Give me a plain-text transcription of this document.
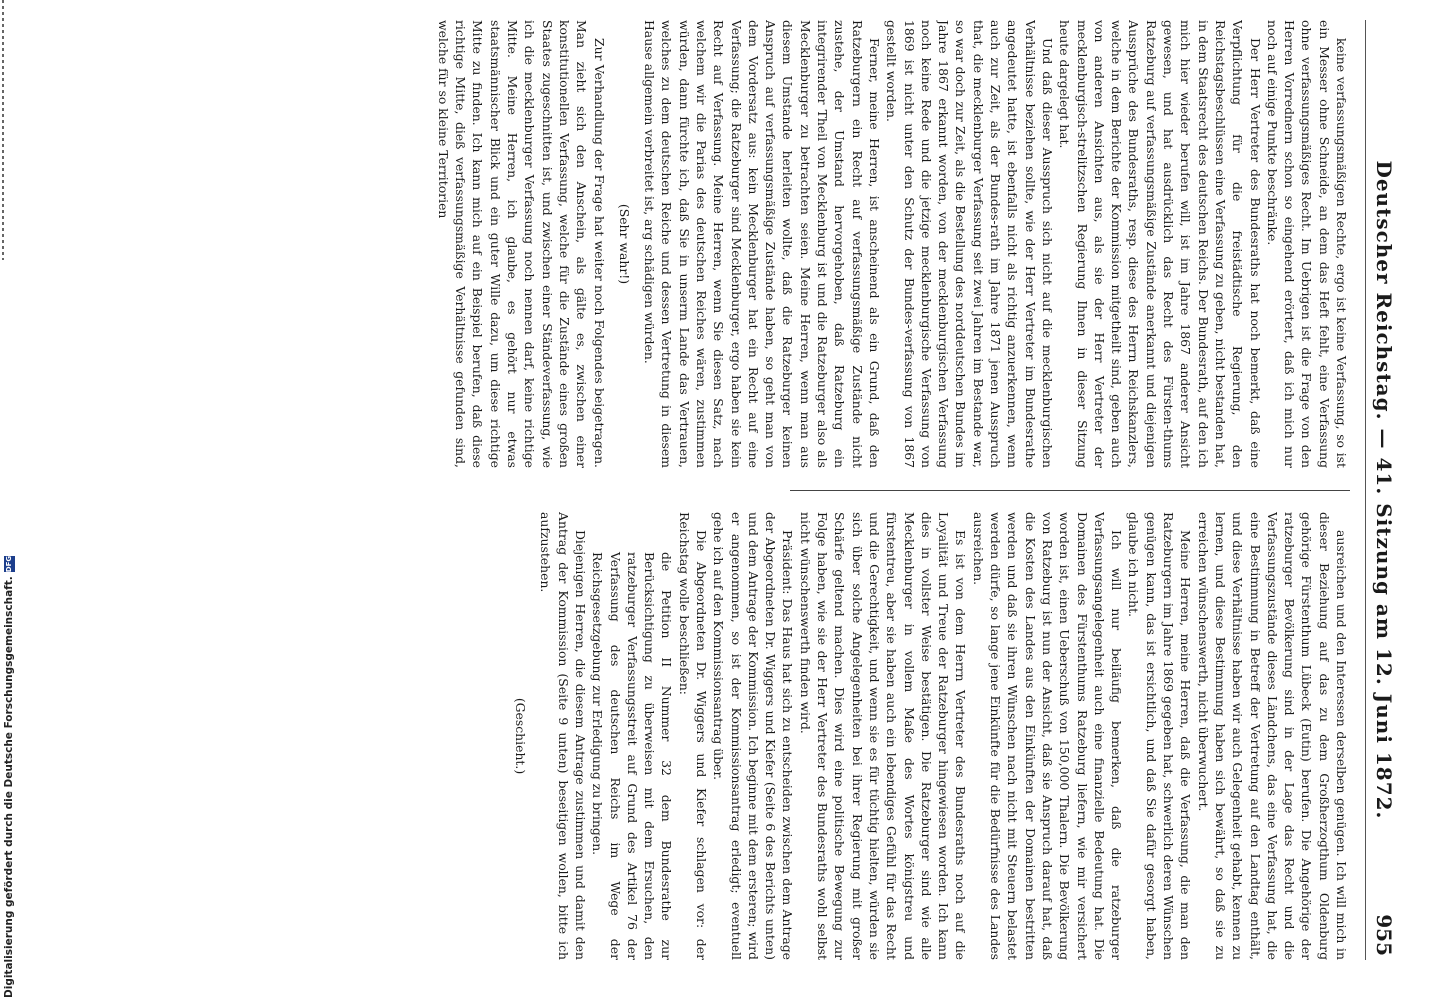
Deutscher Reichstag. — 41. Sitzung am 12. Juni 1872.
955

keine verfassungsmäßigen Rechte, ergo ist keine Verfassung, so ist ein Messer ohne Schneide, an dem das Heft fehlt, eine Verfassung ohne verfassungsmäßiges Recht. Im Uebrigen ist die Frage von den Herren Vorrednern schon so eingehend erörtert, daß ich mich nur noch auf einige Punkte beschränke.

Der Herr Vertreter des Bundesraths hat noch bemerkt, daß eine Verpflichtung für die freistädtische Regierung, den Reichstagsbeschlüssen eine Verfassung zu geben, nicht bestanden hat, in dem Staatsrecht des deutschen Reichs. Der Bundesrath, auf den ich mich hier wieder berufen will, ist im Jahre 1867 anderer Ansicht gewesen, und hat ausdrücklich das Recht des Fürsten-thums Ratzeburg auf verfassungsmäßige Zustände anerkannt und diejenigen Aussprüche des Bundesraths, resp. diese des Herrn Reichskanzlers, welche in dem Berichte der Kommission mitgetheilt sind, geben auch von anderen Ansichten aus, als sie der Herr Vertreter der mecklenburgisch-strelitzschen Regierung Ihnen in dieser Sitzung heute dargelegt hat.

Und daß dieser Ausspruch sich nicht auf die mecklenburgischen Verhältnisse beziehen sollte, wie der Herr Vertreter im Bundesrathe angedeutet hatte, ist ebenfalls nicht als richtig anzuerkennen, wenn auch zur Zeit, als der Bundes-rath im Jahre 1871 jenen Ausspruch that, die mecklenburger Verfassung seit zwei Jahren im Bestande war, so war doch zur Zeit, als die Bestellung des norddeutschen Bundes im Jahre 1867 erkannt worden, von der mecklenburgischen Verfassung noch keine Rede und die jetzige mecklenburgische Verfassung von 1869 ist nicht unter den Schutz der Bundes-verfassung von 1867 gestellt worden.

Ferner, meine Herren, ist anscheinend als ein Grund, daß den Ratzeburgern ein Recht auf verfassungsmäßige Zustände nicht zustehe, der Umstand hervorgehoben, daß Ratzeburg ein integrirender Theil von Mecklenburg ist und die Ratzeburger also als Mecklenburger zu betrachten seien. Meine Herren, wenn man aus diesem Umstande herleiten wollte, daß die Ratzeburger keinen Anspruch auf verfassungsmäßige Zustände haben, so geht man von dem Vordersatz aus: kein Mecklenburger hat ein Recht auf eine Verfassung; die Ratzeburger sind Mecklenburger, ergo haben sie kein Recht auf Verfassung. Meine Herren, wenn Sie diesen Satz, nach welchem wir die Parias des deutschen Reiches wären, zustimmen würden, dann fürchte ich, daß Sie in unserm Lande das Vertrauen, welches zu dem deutschen Reiche und dessen Vertretung in diesem Hause allgemein verbreitet ist, arg schädigen würden.

(Sehr wahr!)

Zur Verhandlung der Frage hat weiter noch Folgendes beigetragen. Man zieht sich den Anschein, als gälte es, zwischen einer konstitutionellen Verfassung, welche für die Zustände eines großen Staates zugeschnitten ist, und zwischen einer Ständeverfassung, wie ich die mecklenburger Verfassung noch nennen darf, keine richtige Mitte. Meine Herren, ich glaube, es gehört nur etwas staatsmännischer Blick und ein guter Wille dazu, um diese richtige Mitte zu finden. Ich kann mich auf ein Beispiel berufen, daß diese richtige Mitte, dieß verfassungsmäßige Verhältnisse gefunden sind, welche für so kleine Territorien

ausreichen und den Interessen derselben genügen. Ich will mich in dieser Beziehung auf das zu dem Großherzogthum Oldenburg gehörige Fürstenthum Lübeck (Eutin) berufen. Die Angehörige der ratzeburger Bevölkerung sind in der Lage das Recht und die Verfassungszustände dieses Ländchens, das eine Verfassung hat, die eine Bestimmung in Betreff der Vertretung auf den Landtag enthält, und diese Verhältnisse haben wir auch Gelegenheit gehabt, kennen zu lernen, und diese Bestimmung haben sich bewährt, so daß sie zu erreichen wünschenswerth, nicht überwuchert.

Meine Herren, meine Herren, daß die Verfassung, die man den Ratzeburgern im Jahre 1869 gegeben hat, schwerlich deren Wünschen genügen kann, das ist ersichtlich, und daß Sie dafür gesorgt haben, glaube ich nicht.

Ich will nur beiläufig bemerken, daß die ratzeburger Verfassungsangelegenheit auch eine finanzielle Bedeutung hat. Die Domainen des Fürstenthums Ratzeburg liefern, wie mir versichert worden ist, einen Ueberschuß von 150,000 Thalern. Die Bevölkerung von Ratzeburg ist nun der Ansicht, daß sie Anspruch darauf hat, daß die Kosten des Landes aus den Einkünften der Domainen bestritten werden und daß sie ihren Wünschen nach nicht mit Steuern belastet werden dürfe, so lange jene Einkünfte für die Bedürfnisse des Landes ausreichen.

Es ist von dem Herrn Vertreter des Bundesraths noch auf die Loyalität und Treue der Ratzeburger hingewiesen worden. Ich kann dies in vollster Weise bestätigen. Die Ratzeburger sind wie alle Mecklenburger in vollem Maße des Wortes königstreu und fürstentreu, aber sie haben auch ein lebendiges Gefühl für das Recht und die Gerechtigkeit, und wenn sie es für tüchtig hielten, würden sie sich über solche Angelegenheiten bei ihrer Regierung mit großer Schärfe geltend machen. Dies wird eine politische Bewegung zur Folge haben, wie sie der Herr Vertreter des Bundesraths wohl selbst nicht wünschenswerth finden wird.

Präsident: Das Haus hat sich zu entscheiden zwischen dem Antrage der Abgeordneten Dr. Wiggers und Kiefer (Seite 6 des Berichts unten) und dem Antrage der Kommission. Ich beginne mit dem ersteren; wird er angenommen, so ist der Kommissionsantrag erledigt; eventuell gehe ich auf den Kommissionsantrag über.

Die Abgeordneten Dr. Wiggers und Kiefer schlagen vor: der Reichstag wolle beschließen:

die Petition II Nummer 32 dem Bundesrathe zur Berücksichtigung zu überweisen mit dem Ersuchen, den ratzeburger Verfassungsstreit auf Grund des Artikel 76 der Verfassung des deutschen Reichs im Wege der Reichsgesetzgebung zur Erledigung zu bringen.

Diejenigen Herren, die diesem Antrage zustimmen und damit den Antrag der Kommission (Seite 9 unten) beseitigen wollen, bitte ich aufzustehen.

(Geschieht.)

Digitalisierung gefördert durch die Deutsche Forschungsgemeinschaft.
DFG
